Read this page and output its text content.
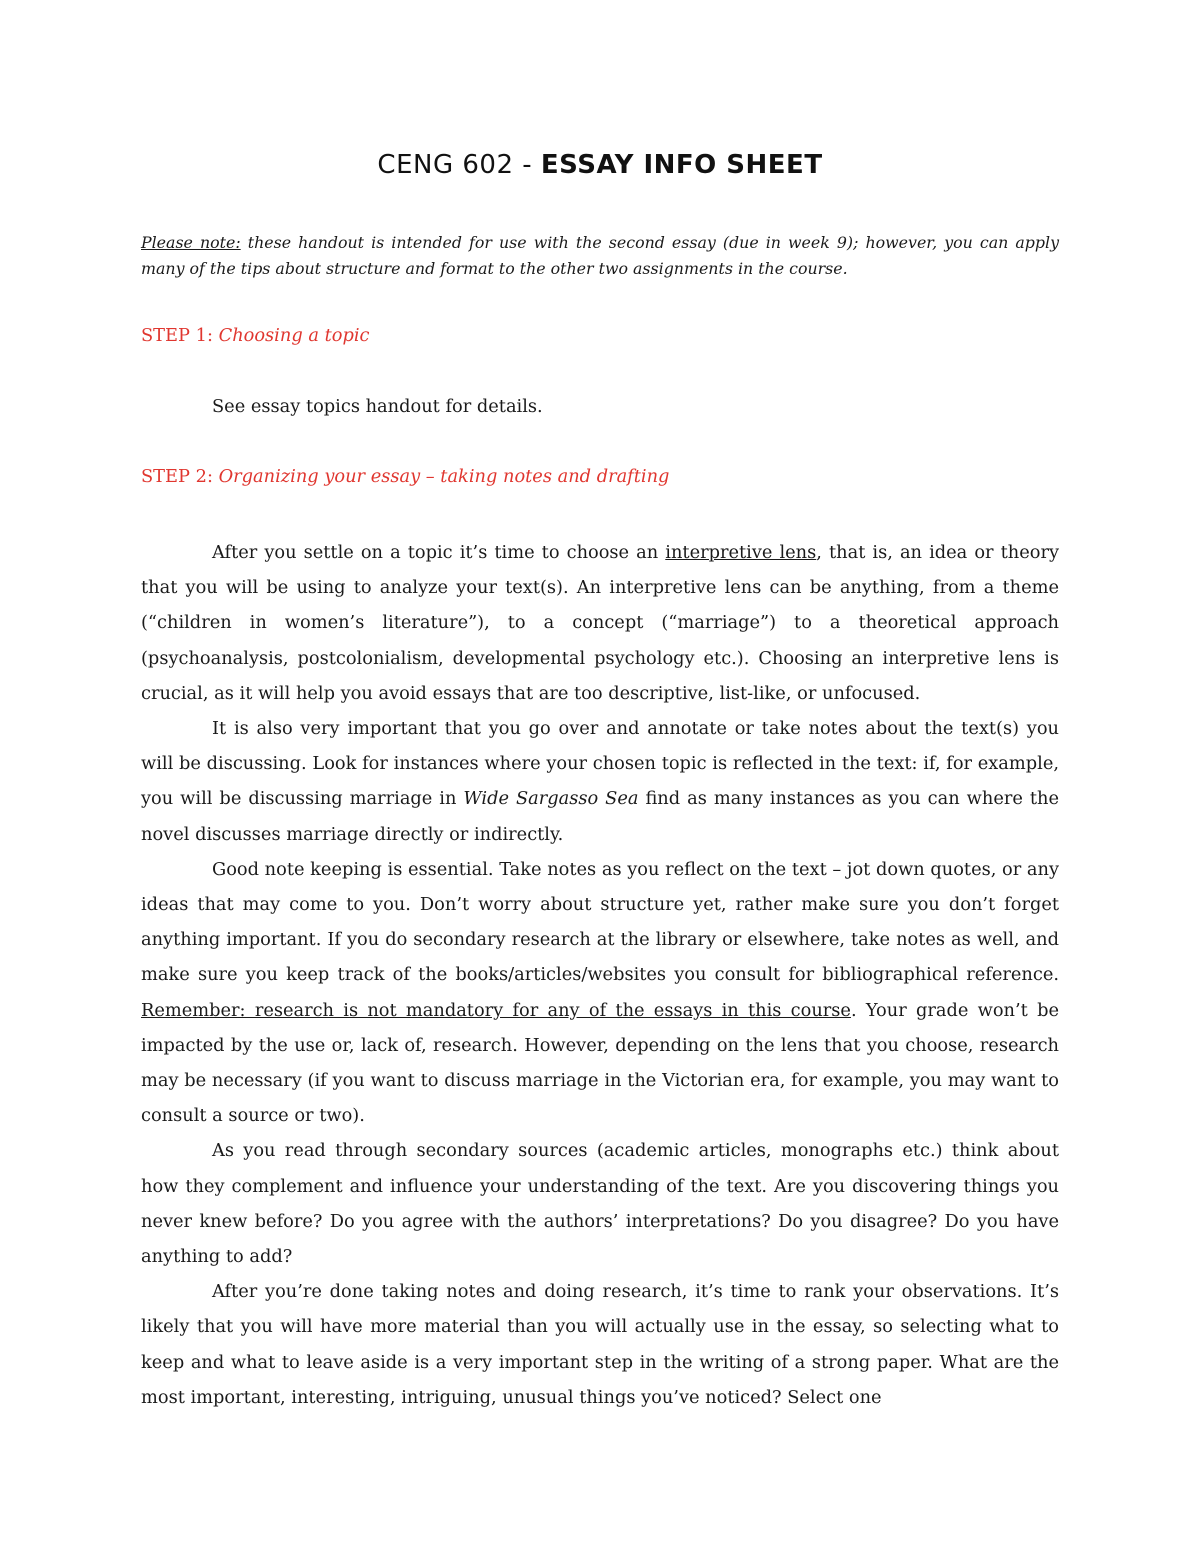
CENG 602 - ESSAY INFO SHEET

Please note: these handout is intended for use with the second essay (due in week 9); however, you can apply many of the tips about structure and format to the other two assignments in the course.

STEP 1: Choosing a topic

See essay topics handout for details.

STEP 2: Organizing your essay – taking notes and drafting

After you settle on a topic it’s time to choose an interpretive lens, that is, an idea or theory that you will be using to analyze your text(s). An interpretive lens can be anything, from a theme (“children in women’s literature”), to a concept (“marriage”) to a theoretical approach (psychoanalysis, postcolonialism, developmental psychology etc.). Choosing an interpretive lens is crucial, as it will help you avoid essays that are too descriptive, list-like, or unfocused.

It is also very important that you go over and annotate or take notes about the text(s) you will be discussing. Look for instances where your chosen topic is reflected in the text: if, for example, you will be discussing marriage in Wide Sargasso Sea find as many instances as you can where the novel discusses marriage directly or indirectly.

Good note keeping is essential. Take notes as you reflect on the text – jot down quotes, or any ideas that may come to you. Don’t worry about structure yet, rather make sure you don’t forget anything important. If you do secondary research at the library or elsewhere, take notes as well, and make sure you keep track of the books/articles/websites you consult for bibliographical reference. Remember: research is not mandatory for any of the essays in this course. Your grade won’t be impacted by the use or, lack of, research. However, depending on the lens that you choose, research may be necessary (if you want to discuss marriage in the Victorian era, for example, you may want to consult a source or two).

As you read through secondary sources (academic articles, monographs etc.) think about how they complement and influence your understanding of the text. Are you discovering things you never knew before? Do you agree with the authors’ interpretations? Do you disagree? Do you have anything to add?

After you’re done taking notes and doing research, it’s time to rank your observations. It’s likely that you will have more material than you will actually use in the essay, so selecting what to keep and what to leave aside is a very important step in the writing of a strong paper. What are the most important, interesting, intriguing, unusual things you’ve noticed? Select one
